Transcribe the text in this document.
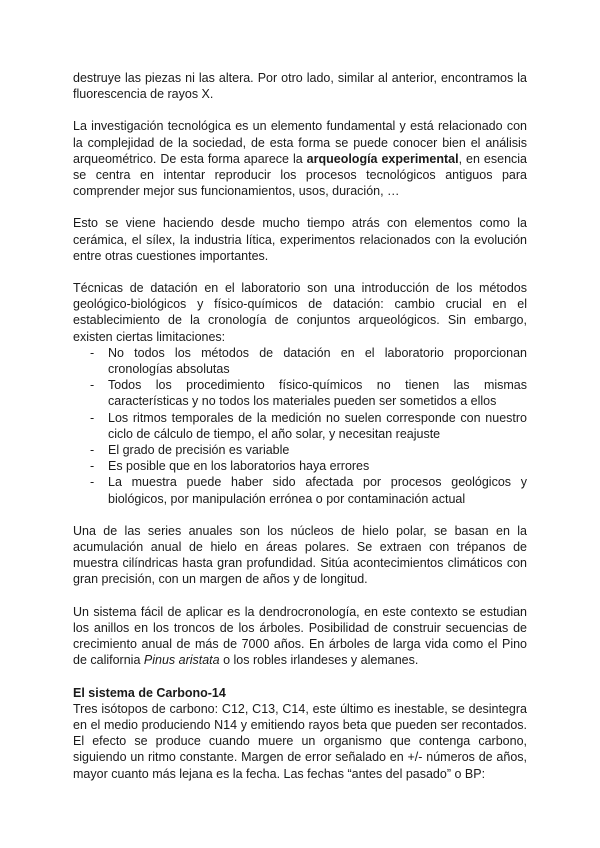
destruye las piezas ni las altera. Por otro lado, similar al anterior, encontramos la fluorescencia de rayos X.

La investigación tecnológica es un elemento fundamental y está relacionado con la complejidad de la sociedad, de esta forma se puede conocer bien el análisis arqueométrico. De esta forma aparece la arqueología experimental, en esencia se centra en intentar reproducir los procesos tecnológicos antiguos para comprender mejor sus funcionamientos, usos, duración, …

Esto se viene haciendo desde mucho tiempo atrás con elementos como la cerámica, el sílex, la industria lítica, experimentos relacionados con la evolución entre otras cuestiones importantes.

Técnicas de datación en el laboratorio son una introducción de los métodos geológico-biológicos y físico-químicos de datación: cambio crucial en el establecimiento de la cronología de conjuntos arqueológicos. Sin embargo, existen ciertas limitaciones:

- No todos los métodos de datación en el laboratorio proporcionan cronologías absolutas
- Todos los procedimiento físico-químicos no tienen las mismas características y no todos los materiales pueden ser sometidos a ellos
- Los ritmos temporales de la medición no suelen corresponde con nuestro ciclo de cálculo de tiempo, el año solar, y necesitan reajuste
- El grado de precisión es variable
- Es posible que en los laboratorios haya errores
- La muestra puede haber sido afectada por procesos geológicos y biológicos, por manipulación errónea o por contaminación actual

Una de las series anuales son los núcleos de hielo polar, se basan en la acumulación anual de hielo en áreas polares. Se extraen con trépanos de muestra cilíndricas hasta gran profundidad. Sitúa acontecimientos climáticos con gran precisión, con un margen de años y de longitud.

Un sistema fácil de aplicar es la dendrocronología, en este contexto se estudian los anillos en los troncos de los árboles. Posibilidad de construir secuencias de crecimiento anual de más de 7000 años. En árboles de larga vida como el Pino de california Pinus aristata o los robles irlandeses y alemanes.

El sistema de Carbono-14

Tres isótopos de carbono: C12, C13, C14, este último es inestable, se desintegra en el medio produciendo N14 y emitiendo rayos beta que pueden ser recontados. El efecto se produce cuando muere un organismo que contenga carbono, siguiendo un ritmo constante. Margen de error señalado en +/- números de años, mayor cuanto más lejana es la fecha. Las fechas “antes del pasado” o BP:
